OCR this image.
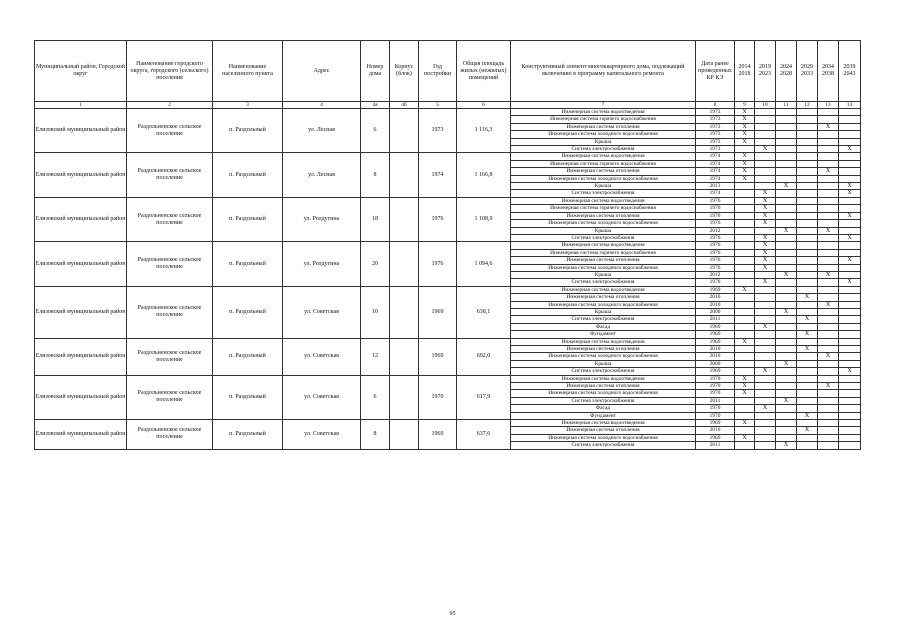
Муниципальный район, Городской округ	Наименование городского округа, городского (сельского) поселения	Наименование населенного пункта	Адрес	Номер дома	Корпус (блок)	Год постройки	Общая площадь жилых (нежилых) помещений	Конструктивный элемент многоквартирного дома, подлежащий включению в программу капитального ремонта	Дата ранее проведенных КР КЭ	2014 2018	2019 2023	2024 2028	2029 2033	2034 2038	2039 2043
1	2	3	4	4а	4б	5	6	7	8	9	10	11	12	13	14
Елизовский муниципальный район	Раздольненское сельское поселение	п. Раздольный	ул. Лесная	6		1973	1 116,3	Инженерная система водоотведения	1973	Х					
								Инженерная система горячего водоснабжения	1973	Х					
								Инженерная система отопления	1973	Х				Х	
								Инженерная система холодного водоснабжения	1973	Х					
								Крыша	1973	Х					
								Система электроснабжения	1973		Х				Х
Елизовский муниципальный район	Раздольненское сельское поселение	п. Раздольный	ул. Лесная	8		1974	1 166,8	Инженерная система водоотведения	1974	Х					
								Инженерная система горячего водоснабжения	1974	Х					
								Инженерная система отопления	1974	Х				Х	
								Инженерная система холодного водоснабжения	1974	Х					
								Крыша	2013			Х			Х
								Система электроснабжения	1974		Х				Х
Елизовский муниципальный район	Раздольненское сельское поселение	п. Раздольный	ул. Ролдугина	18		1976	1 108,9	Инженерная система водоотведения	1976		Х				
								Инженерная система горячего водоснабжения	1976		Х				
								Инженерная система отопления	1976		Х				Х
								Инженерная система холодного водоснабжения	1976		Х				
								Крыша	2012			Х		Х	
								Система электроснабжения	1976		Х				Х
Елизовский муниципальный район	Раздольненское сельское поселение	п. Раздольный	ул. Ролдугина	20		1976	1 094,6	Инженерная система водоотведения	1976		Х				
								Инженерная система горячего водоснабжения	1976		Х				
								Инженерная система отопления	1976		Х				Х
								Инженерная система холодного водоснабжения	1976		Х				
								Крыша	2012			Х		Х	
								Система электроснабжения	1976		Х				Х
Елизовский муниципальный район	Раздольненское сельское поселение	п. Раздольный	ул. Советская	10		1969	638,1	Инженерная система водоотведения	1969	Х					
								Инженерная система отопления	2010				Х		
								Инженерная система холодного водоснабжения	2010					Х	
								Крыша	2000			Х			
								Система электроснабжения	2011				Х		
								Фасад	1969		Х				
								Фундамент	1969				Х		
Елизовский муниципальный район	Раздольненское сельское поселение	п. Раздольный	ул. Советская	12		1969	692,0	Инженерная система водоотведения	1969	Х					
								Инженерная система отопления	2010				Х		
								Инженерная система холодного водоснабжения	2010					Х	
								Крыша	2000			Х			
								Система электроснабжения	1969		Х				Х
Елизовский муниципальный район	Раздольненское сельское поселение	п. Раздольный	ул. Советская	6		1970	617,9	Инженерная система водоотведения	1970	Х					
								Инженерная система отопления	1970	Х				Х	
								Инженерная система холодного водоснабжения	1970	Х					
								Система электроснабжения	2011			Х			
								Фасад	1970		Х				
								Фундамент	1970				Х		
Елизовский муниципальный район	Раздольненское сельское поселение	п. Раздольный	ул. Советская	8		1969	637,6	Инженерная система водоотведения	1969	Х					
								Инженерная система отопления	2010				Х		
								Инженерная система холодного водоснабжения	1969	Х					
								Система электроснабжения	2011			Х			
95
